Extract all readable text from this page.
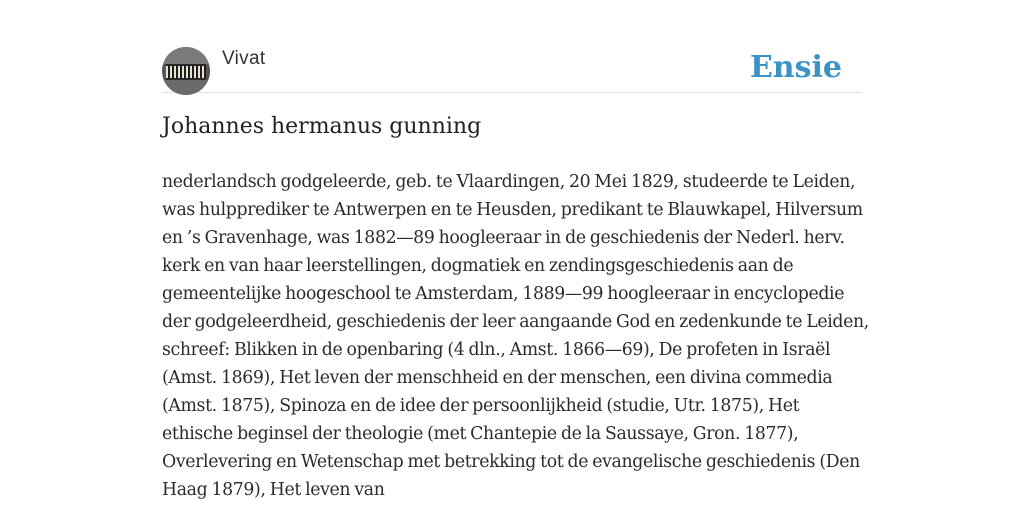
Vivat	Ensie
Johannes hermanus gunning

nederlandsch godgeleerde, geb. te Vlaardingen, 20 Mei 1829, studeerde te Leiden, was hulpprediker te Antwerpen en te Heusden, predikant te Blauwkapel, Hilversum en ’s Gravenhage, was 1882—89 hoogleeraar in de geschiedenis der Nederl. herv. kerk en van haar leerstellingen, dogmatiek en zendingsgeschiedenis aan de gemeentelijke hoogeschool te Amsterdam, 1889—99 hoogleeraar in encyclopedie der godgeleerdheid, geschiedenis der leer aangaande God en zedenkunde te Leiden, schreef: Blikken in de openbaring (4 dln., Amst. 1866—69), De profeten in Israël (Amst. 1869), Het leven der menschheid en der menschen, een divina commedia (Amst. 1875), Spinoza en de idee der persoonlijkheid (studie, Utr. 1875), Het ethische beginsel der theologie (met Chantepie de la Saussaye, Gron. 1877), Overlevering en Wetenschap met betrekking tot de evangelische geschiedenis (Den Haag 1879), Het leven van
